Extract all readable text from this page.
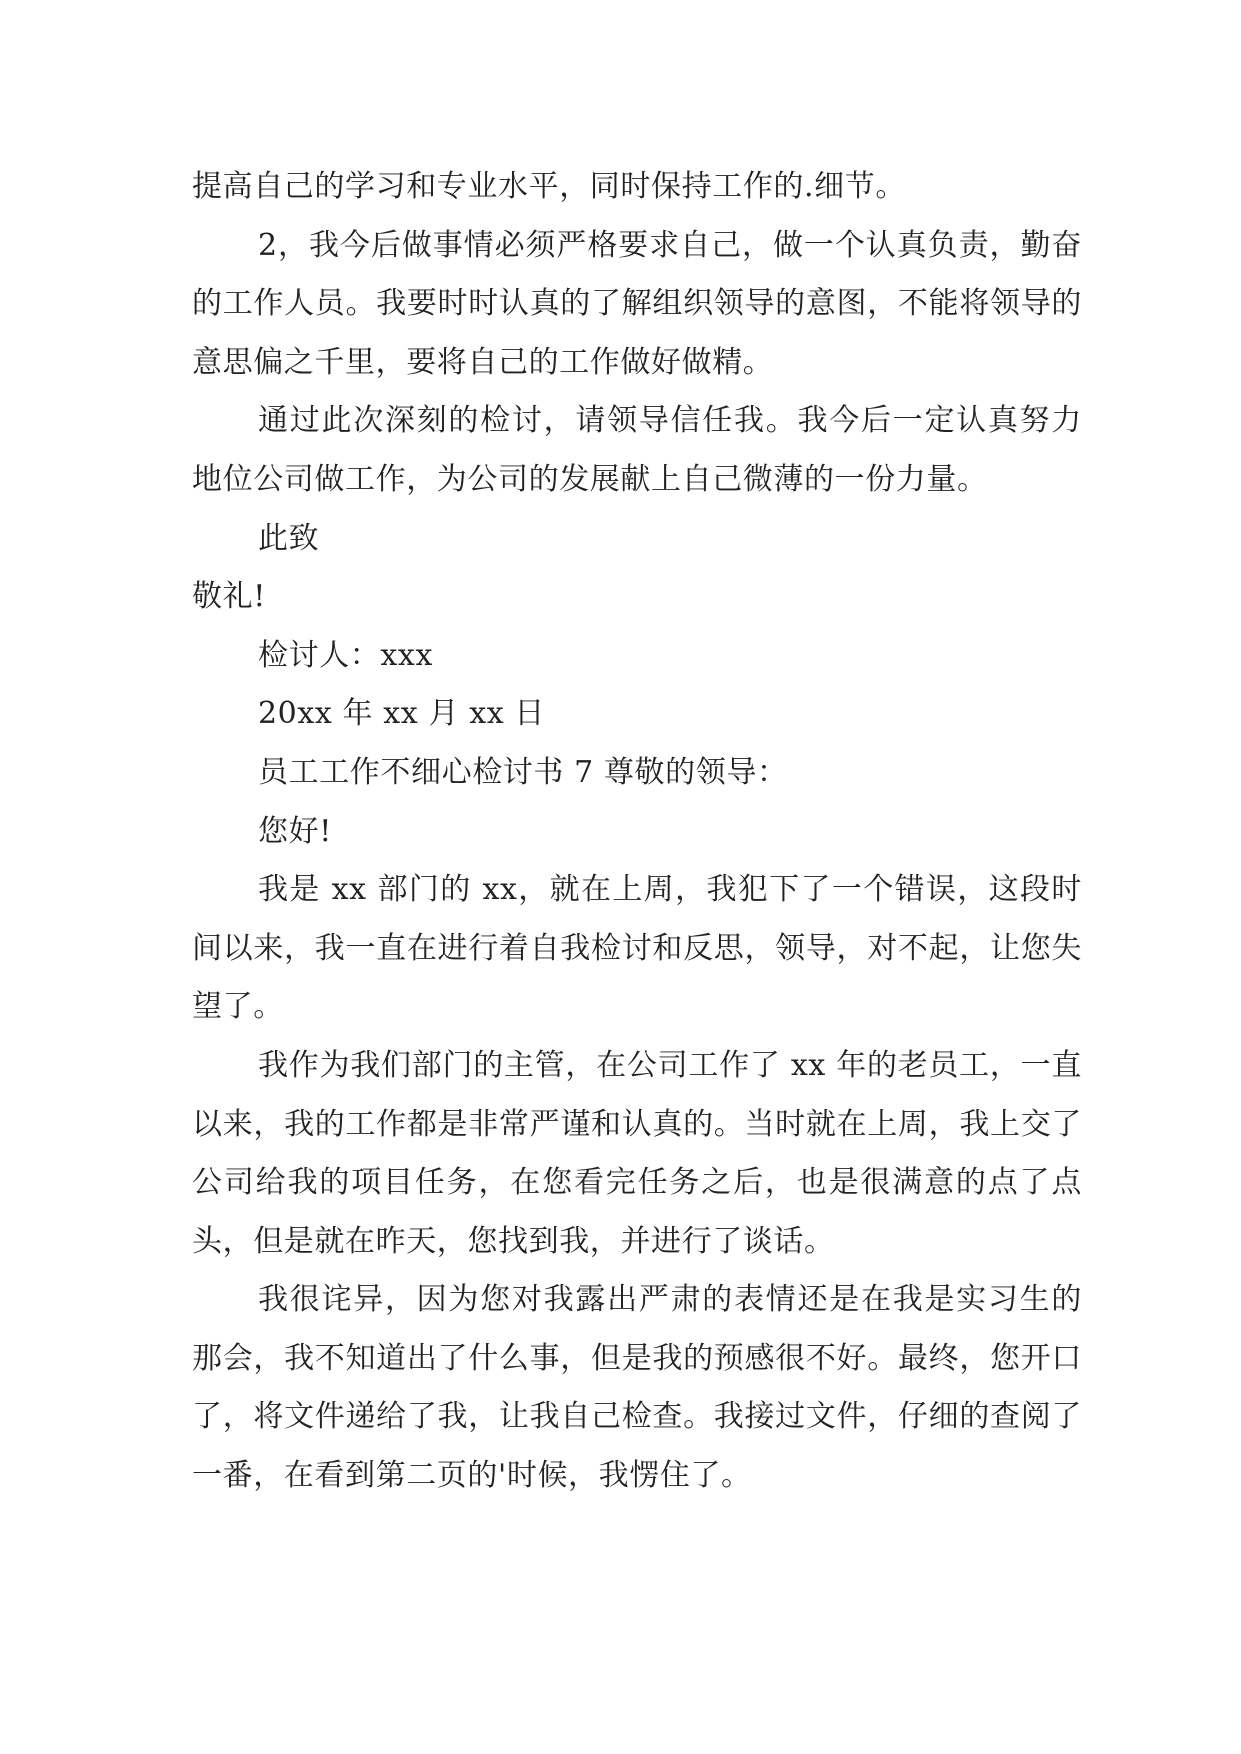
提高自己的学习和专业水平，同时保持工作的.细节。

2，我今后做事情必须严格要求自己，做一个认真负责，勤奋的工作人员。我要时时认真的了解组织领导的意图，不能将领导的意思偏之千里，要将自己的工作做好做精。

通过此次深刻的检讨，请领导信任我。我今后一定认真努力地位公司做工作，为公司的发展献上自己微薄的一份力量。

此致

敬礼!

检讨人：xxx

20xx 年 xx 月 xx 日

员工工作不细心检讨书 7 尊敬的领导：

您好!

我是 xx 部门的 xx，就在上周，我犯下了一个错误，这段时间以来，我一直在进行着自我检讨和反思，领导，对不起，让您失望了。

我作为我们部门的主管，在公司工作了 xx 年的老员工，一直以来，我的工作都是非常严谨和认真的。当时就在上周，我上交了公司给我的项目任务，在您看完任务之后，也是很满意的点了点头，但是就在昨天，您找到我，并进行了谈话。

我很诧异，因为您对我露出严肃的表情还是在我是实习生的那会，我不知道出了什么事，但是我的预感很不好。最终，您开口了，将文件递给了我，让我自己检查。我接过文件，仔细的查阅了一番，在看到第二页的'时候，我愣住了。
